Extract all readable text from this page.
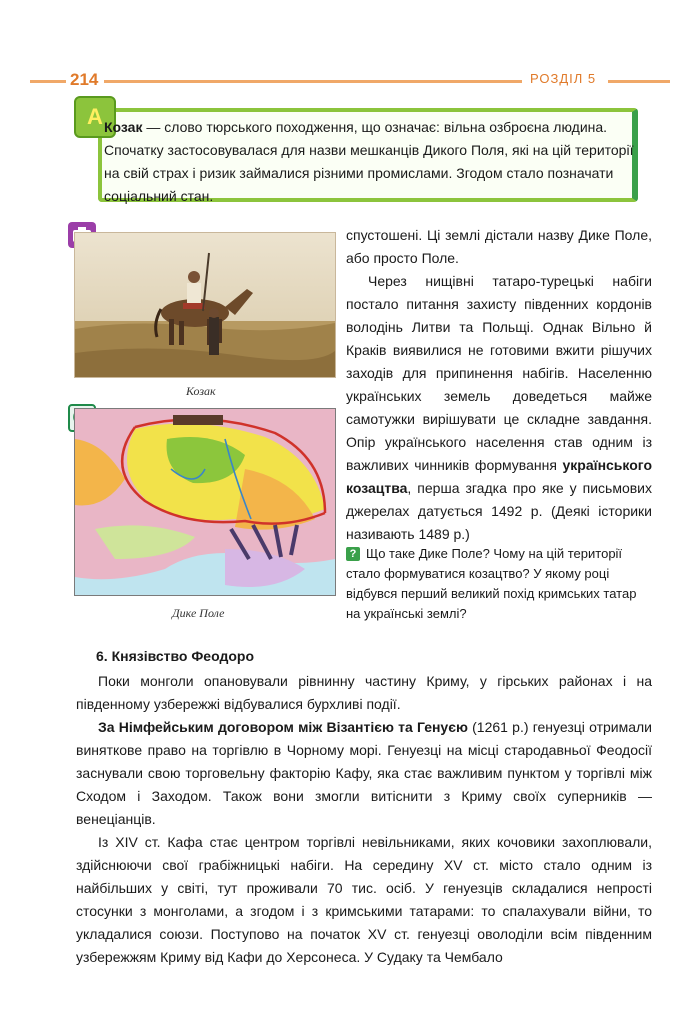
214	РОЗДІЛ 5
A Козак — слово тюрського походження, що означає: вільна озброєна людина. Спочатку застосовувалася для назви мешканців Дикого Поля, які на цій території на свій страх і ризик займалися різними промислами. Згодом стало позначати соціальний стан.
Козак
Дике Поле

спустошені. Ці землі дістали назву Дике Поле, або просто Поле.

Через нищівні татаро-турецькі набіги постало питання захисту південних кордонів володінь Литви та Польщі. Однак Вільно й Краків виявилися не готовими вжити рішучих заходів для припинення набігів. Населенню українських земель доведеться майже самотужки вирішувати це складне завдання. Опір українського населення став одним із важливих чинників формування українського козацтва, перша згадка про яке у письмових джерелах датується 1492 р. (Деякі історики називають 1489 р.)

? Що таке Дике Поле? Чому на цій території стало формуватися козацтво? У якому році відбувся перший великий похід кримських татар на українські землі?
6. Князівство Феодоро

Поки монголи опановували рівнинну частину Криму, у гірських районах і на південному узбережжі відбувалися бурхливі події.

За Німфейським договором між Візантією та Генуєю (1261 р.) генуезці отримали виняткове право на торгівлю в Чорному морі. Генуезці на місці стародавньої Феодосії заснували свою торговельну факторію Кафу, яка стає важливим пунктом у торгівлі між Сходом і Заходом. Також вони змогли витіснити з Криму своїх суперників — венеціанців.

Із XIV ст. Кафа стає центром торгівлі невільниками, яких кочовики захоплювали, здійснюючи свої грабіжницькі набіги. На середину XV ст. місто стало одним із найбільших у світі, тут проживали 70 тис. осіб. У генуезців складалися непрості стосунки з монголами, а згодом і з кримськими татарами: то спалахували війни, то укладалися союзи. Поступово на початок XV ст. генуезці оволоділи всім південним узбережжям Криму від Кафи до Херсонеса. У Судаку та Чембало
